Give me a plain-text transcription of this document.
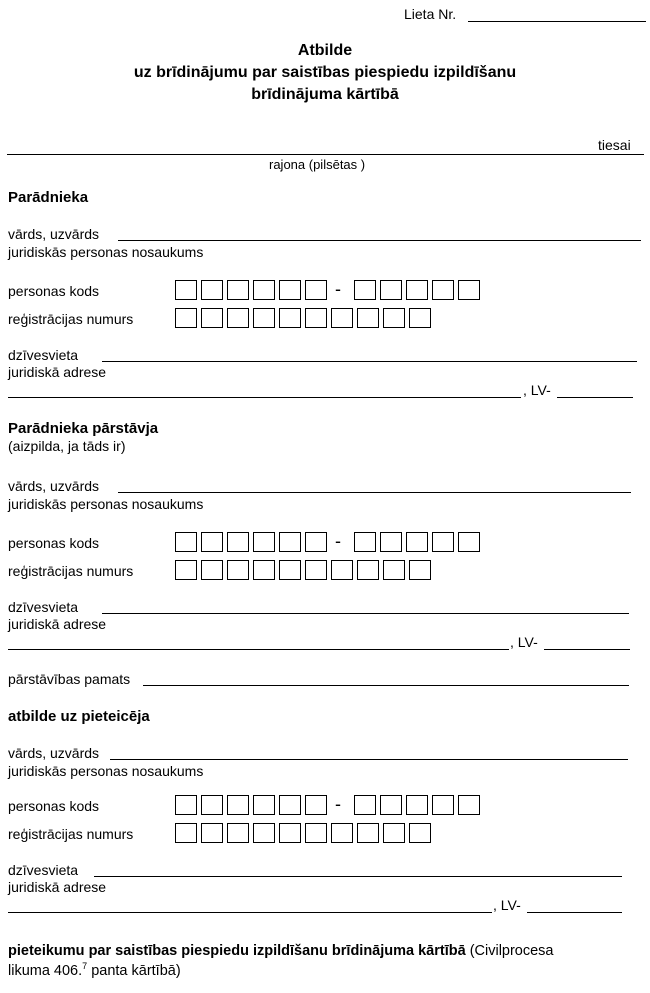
Lieta Nr.
Atbilde
uz brīdinājumu par saistības piespiedu izpildīšanu
brīdinājuma kārtībā
tiesai
rajona (pilsētas )
Parādnieka
vārds, uzvārds
juridiskās personas nosaukums
personas kods	-
reģistrācijas numurs
dzīvesvieta
juridiskā adrese
, LV-
Parādnieka pārstāvja
(aizpilda, ja tāds ir)
vārds, uzvārds
juridiskās personas nosaukums
personas kods	-
reģistrācijas numurs
dzīvesvieta
juridiskā adrese
, LV-
pārstāvības pamats
atbilde uz pieteicēja
vārds, uzvārds
juridiskās personas nosaukums
personas kods	-
reģistrācijas numurs
dzīvesvieta
juridiskā adrese
, LV-
pieteikumu par saistības piespiedu izpildīšanu brīdinājuma kārtībā (Civilprocesa
likuma 406.$^7$ panta kārtībā)
